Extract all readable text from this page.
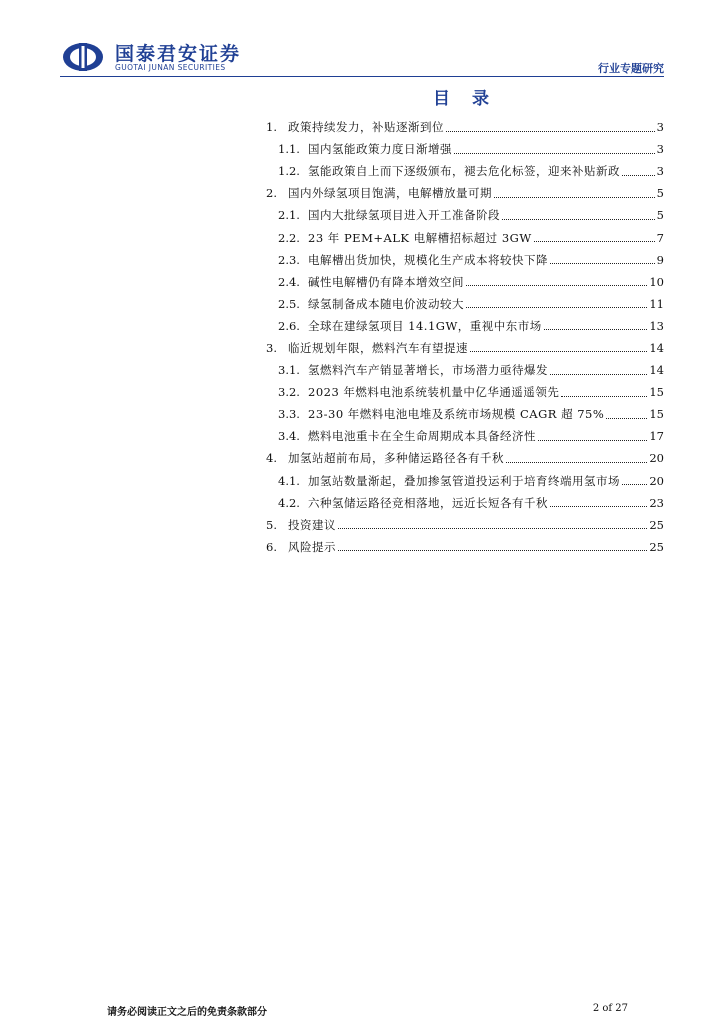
国泰君安证券
GUOTAI JUNAN SECURITIES	行业专题研究
目 录
1. 政策持续发力，补贴逐渐到位	3
1.1. 国内氢能政策力度日渐增强	3
1.2. 氢能政策自上而下逐级颁布，褪去危化标签，迎来补贴新政	3
2. 国内外绿氢项目饱满，电解槽放量可期	5
2.1. 国内大批绿氢项目进入开工准备阶段	5
2.2. 23 年 PEM+ALK 电解槽招标超过 3GW	7
2.3. 电解槽出货加快，规模化生产成本将较快下降	9
2.4. 碱性电解槽仍有降本增效空间	10
2.5. 绿氢制备成本随电价波动较大	11
2.6. 全球在建绿氢项目 14.1GW，重视中东市场	13
3. 临近规划年限，燃料汽车有望提速	14
3.1. 氢燃料汽车产销显著增长，市场潜力亟待爆发	14
3.2. 2023 年燃料电池系统装机量中亿华通遥遥领先	15
3.3. 23-30 年燃料电池电堆及系统市场规模 CAGR 超 75%	15
3.4. 燃料电池重卡在全生命周期成本具备经济性	17
4. 加氢站超前布局，多种储运路径各有千秋	20
4.1. 加氢站数量渐起，叠加掺氢管道投运利于培育终端用氢市场	20
4.2. 六种氢储运路径竞相落地，远近长短各有千秋	23
5. 投资建议	25
6. 风险提示	25
请务必阅读正文之后的免责条款部分	2 of 27
